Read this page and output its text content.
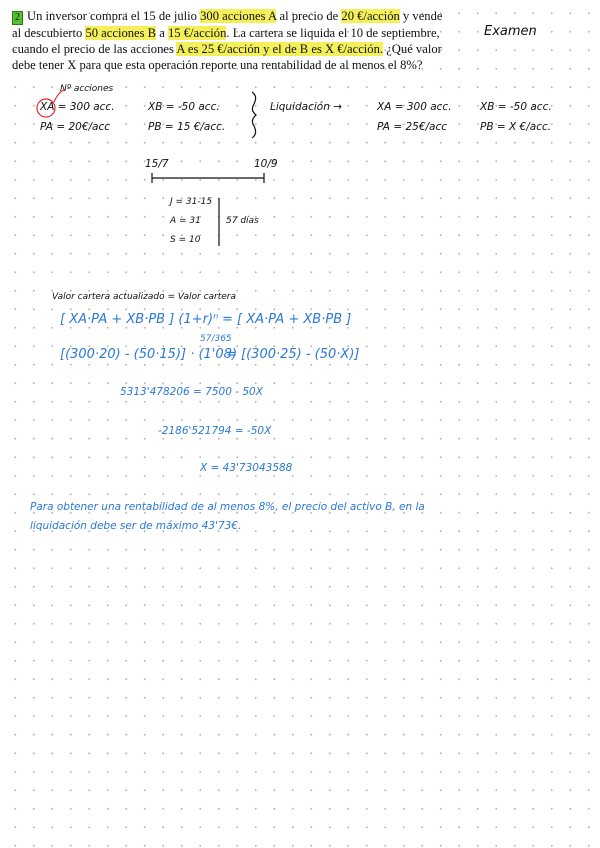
2 Un inversor compra el 15 de julio 300 acciones A al precio de 20 €/acción y vende al descubierto 50 acciones B a 15 €/acción. La cartera se liquida el 10 de septiembre, cuando el precio de las acciones A es 25 €/acción y el de B es X €/acción. ¿Qué valor debe tener X para que esta operación reporte una rentabilidad de al menos el 8%?
Examen
Nº acciones
XA = 300 acc.
PA = 20€/acc
XB = -50 acc.
PB = 15 €/acc.
Liquidación →	XA = 300 acc.
PA = 25€/acc
XB = -50 acc.
PB = X €/acc.
15/7	10/9
J = 31-15
A = 31
S = 10
57 días
Valor cartera actualizado = Valor cartera
[ XA·PA + XB·PB ] (1+r)ⁿ = [ XA·PA + XB·PB ]
57/365
[(300·20) - (50·15)] · (1'08)
= [(300·25) - (50·X)]
5313'478206 = 7500 - 50X
-2186'521794 = -50X
X = 43'73043588
Para obtener una rentabilidad de al menos 8%, el precio del activo B, en la
liquidación debe ser de máximo 43'73€.
